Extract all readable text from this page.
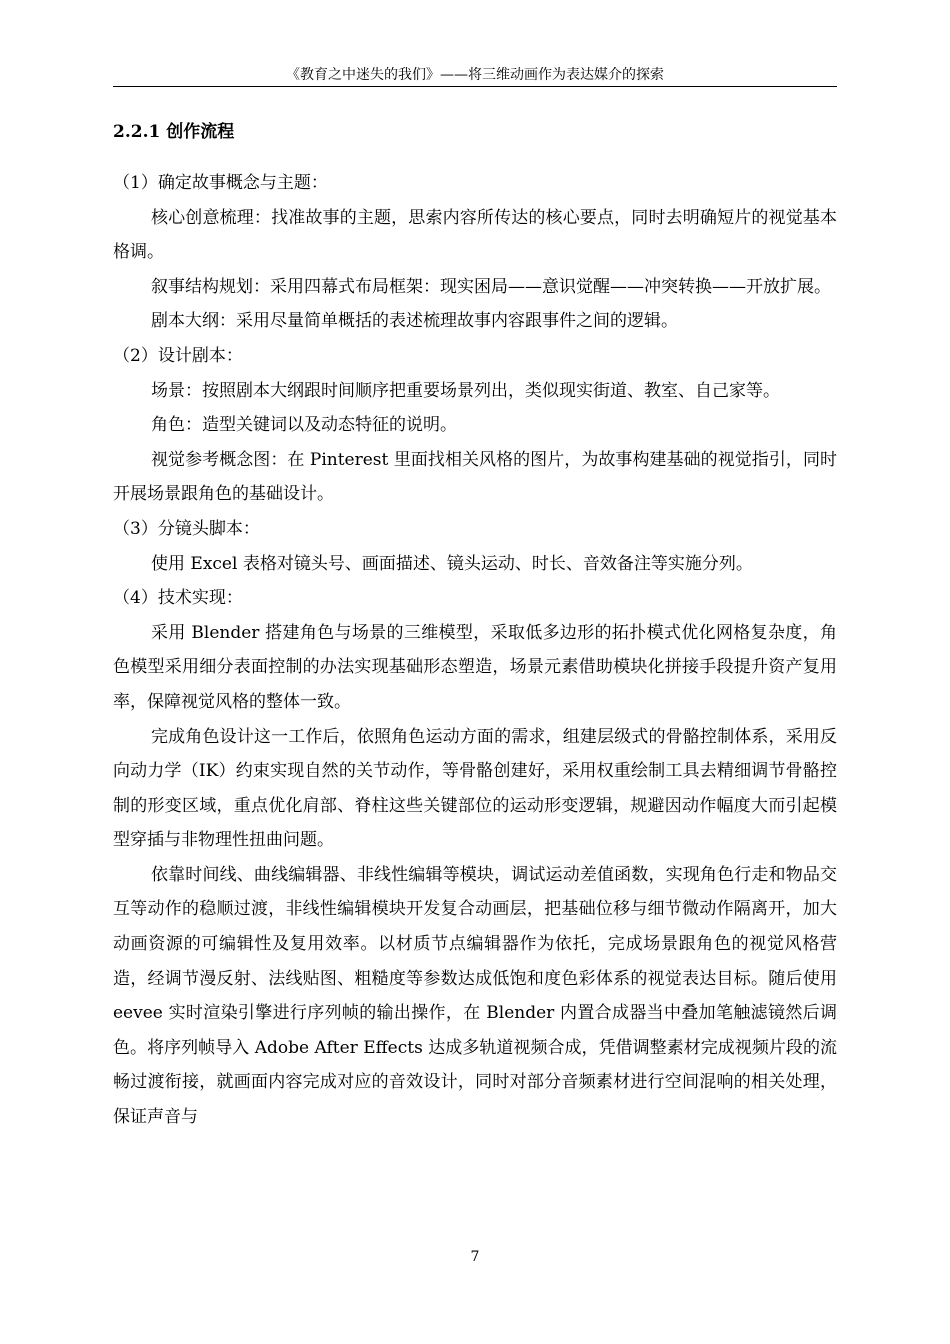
《教育之中迷失的我们》——将三维动画作为表达媒介的探索
2.2.1 创作流程

（1）确定故事概念与主题：

核心创意梳理：找准故事的主题，思索内容所传达的核心要点，同时去明确短片的视觉基本格调。

叙事结构规划：采用四幕式布局框架：现实困局——意识觉醒——冲突转换——开放扩展。

剧本大纲：采用尽量简单概括的表述梳理故事内容跟事件之间的逻辑。

（2）设计剧本：

场景：按照剧本大纲跟时间顺序把重要场景列出，类似现实街道、教室、自己家等。

角色：造型关键词以及动态特征的说明。

视觉参考概念图：在 Pinterest 里面找相关风格的图片，为故事构建基础的视觉指引，同时开展场景跟角色的基础设计。

（3）分镜头脚本：

使用 Excel 表格对镜头号、画面描述、镜头运动、时长、音效备注等实施分列。

（4）技术实现：

采用 Blender 搭建角色与场景的三维模型，采取低多边形的拓扑模式优化网格复杂度，角色模型采用细分表面控制的办法实现基础形态塑造，场景元素借助模块化拼接手段提升资产复用率，保障视觉风格的整体一致。

完成角色设计这一工作后，依照角色运动方面的需求，组建层级式的骨骼控制体系，采用反向动力学（IK）约束实现自然的关节动作，等骨骼创建好，采用权重绘制工具去精细调节骨骼控制的形变区域，重点优化肩部、脊柱这些关键部位的运动形变逻辑，规避因动作幅度大而引起模型穿插与非物理性扭曲问题。

依靠时间线、曲线编辑器、非线性编辑等模块，调试运动差值函数，实现角色行走和物品交互等动作的稳顺过渡，非线性编辑模块开发复合动画层，把基础位移与细节微动作隔离开，加大动画资源的可编辑性及复用效率。以材质节点编辑器作为依托，完成场景跟角色的视觉风格营造，经调节漫反射、法线贴图、粗糙度等参数达成低饱和度色彩体系的视觉表达目标。随后使用 eevee 实时渲染引擎进行序列帧的输出操作，在 Blender 内置合成器当中叠加笔触滤镜然后调色。将序列帧导入 Adobe After Effects 达成多轨道视频合成，凭借调整素材完成视频片段的流畅过渡衔接，就画面内容完成对应的音效设计，同时对部分音频素材进行空间混响的相关处理，保证声音与

7
